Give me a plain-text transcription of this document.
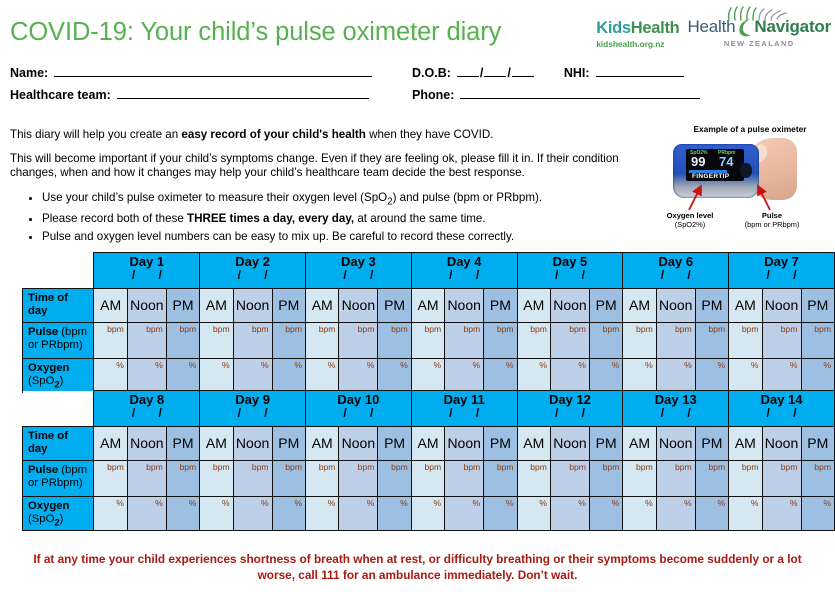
COVID-19: Your child’s pulse oximeter diary	KidsHealth
kidshealth.org.nz
Health Navigator
NEW ZEALAND
Name:
Healthcare team:
D.O.B: / /	NHI:
Phone:

This diary will help you create an easy record of your child's health when they have COVID.

This will become important if your child’s symptoms change. Even if they are feeling ok, please fill it in. If their condition changes, when and how it changes may help your child’s healthcare team decide the best response.

• Use your child’s pulse oximeter to measure their oxygen level (SpO$_2$) and pulse (bpm or PRbpm).
• Please record both of these THREE times a day, every day, at around the same time.
• Pulse and oxygen level numbers can be easy to mix up. Be careful to record these correctly.
Example of a pulse oximeter
SpO2% PRbpm
99 74
FINGERTIP
Oxygen level
(SpO2%)
Pulse
(bpm or PRbpm)

	Day 1
/ /			Day 2
/ /			Day 3
/ /			Day 4
/ /			Day 5
/ /			Day 6
/ /			Day 7
/ /		

Time of day	AM	Noon	PM	AM	Noon	PM	AM	Noon	PM	AM	Noon	PM	AM	Noon	PM	AM	Noon	PM	AM	Noon	PM
Pulse (bpm or PRbpm)	bpm	bpm	bpm	bpm	bpm	bpm	bpm	bpm	bpm	bpm	bpm	bpm	bpm	bpm	bpm	bpm	bpm	bpm	bpm	bpm	bpm
Oxygen
(SpO$_2$)	%	%	%	%	%	%	%	%	%	%	%	%	%	%	%	%	%	%	%	%	%

	Day 8
/ /			Day 9
/ /			Day 10
/ /			Day 11
/ /			Day 12
/ /			Day 13
/ /			Day 14
/ /		

Time of day	AM	Noon	PM	AM	Noon	PM	AM	Noon	PM	AM	Noon	PM	AM	Noon	PM	AM	Noon	PM	AM	Noon	PM
Pulse (bpm or PRbpm)	bpm	bpm	bpm	bpm	bpm	bpm	bpm	bpm	bpm	bpm	bpm	bpm	bpm	bpm	bpm	bpm	bpm	bpm	bpm	bpm	bpm
Oxygen
(SpO$_2$)	%	%	%	%	%	%	%	%	%	%	%	%	%	%	%	%	%	%	%	%	%
If at any time your child experiences shortness of breath when at rest, or difficulty breathing or their symptoms become suddenly or a lot worse, call 111 for an ambulance immediately. Don’t wait.
